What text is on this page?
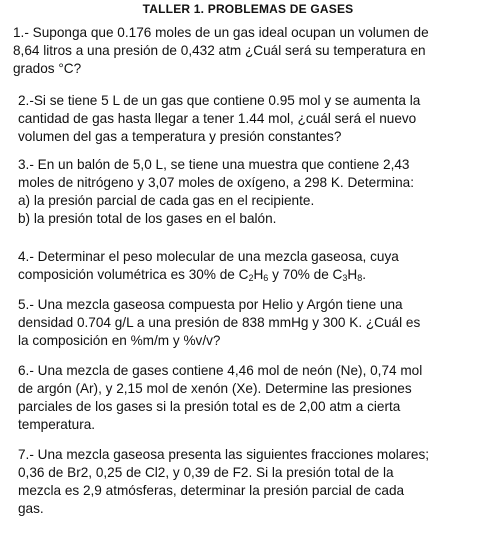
TALLER 1. PROBLEMAS DE GASES
1.- Suponga que 0.176 moles de un gas ideal ocupan un volumen de
8,64 litros a una presión de 0,432 atm ¿Cuál será su temperatura en
grados °C?
2.-Si se tiene 5 L de un gas que contiene 0.95 mol y se aumenta la
cantidad de gas hasta llegar a tener 1.44 mol, ¿cuál será el nuevo
volumen del gas a temperatura y presión constantes?
3.- En un balón de 5,0 L, se tiene una muestra que contiene 2,43
moles de nitrógeno y 3,07 moles de oxígeno, a 298 K. Determina:
a) la presión parcial de cada gas en el recipiente.
b) la presión total de los gases en el balón.
4.- Determinar el peso molecular de una mezcla gaseosa, cuya
composición volumétrica es 30% de $C_2H_6$ y 70% de $C_3H_8$.
5.- Una mezcla gaseosa compuesta por Helio y Argón tiene una
densidad 0.704 g/L a una presión de 838 mmHg y 300 K. ¿Cuál es
la composición en %m/m y %v/v?
6.- Una mezcla de gases contiene 4,46 mol de neón (Ne), 0,74 mol
de argón (Ar), y 2,15 mol de xenón (Xe). Determine las presiones
parciales de los gases si la presión total es de 2,00 atm a cierta
temperatura.
7.- Una mezcla gaseosa presenta las siguientes fracciones molares;
0,36 de Br2, 0,25 de Cl2, y 0,39 de F2. Si la presión total de la
mezcla es 2,9 atmósferas, determinar la presión parcial de cada
gas.
